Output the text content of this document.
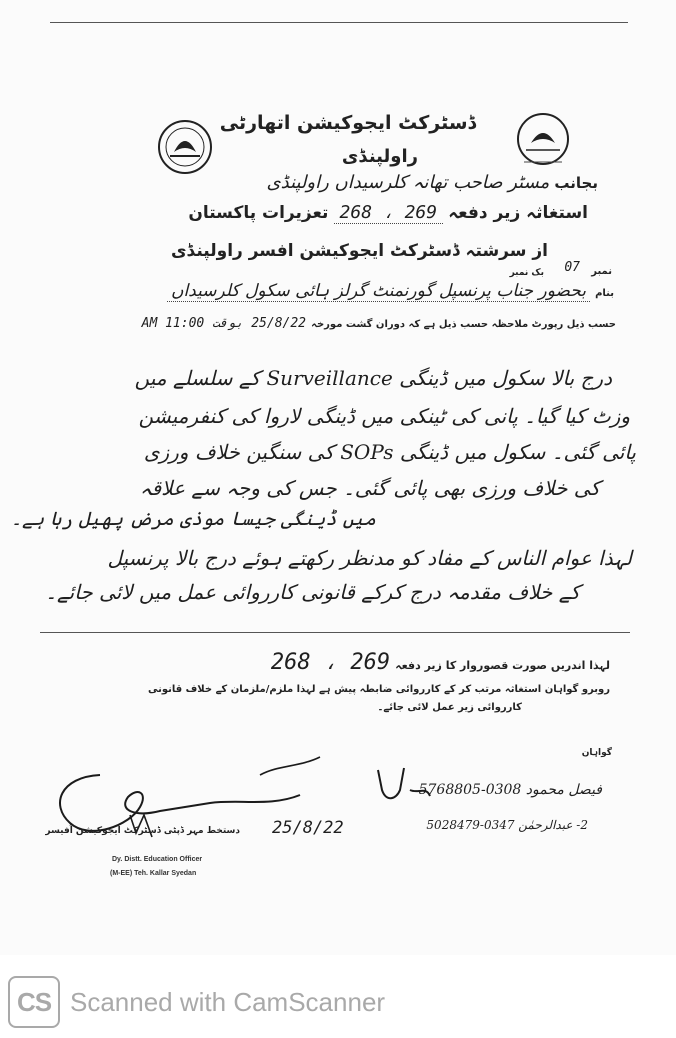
ڈسٹرکٹ ایجوکیشن اتھارٹی
راولپنڈی
بجانب مسٹر صاحب تھانہ کلرسیداں راولپنڈی
استغاثہ زیر دفعہ 269 ، 268 تعزیرات پاکستان
از سرشتہ ڈسٹرکٹ ایجوکیشن افسر راولپنڈی
نمبر
07
بک نمبر
بنام بحضور جناب پرنسپل گورنمنٹ گرلز ہائی سکول کلرسیداں
حسب ذیل رپورٹ ملاحظہ حسب ذیل ہے کہ دوران گشت مورخہ 25/8/22 بوقت 11:00 AM
درج بالا سکول میں ڈینگی Surveillance کے سلسلے میں
وزٹ کیا گیا۔ پانی کی ٹینکی میں ڈینگی لاروا کی کنفرمیشن
پائی گئی۔ سکول میں ڈینگی SOPs کی سنگین خلاف ورزی
کی خلاف ورزی بھی پائی گئی۔ جس کی وجہ سے علاقہ
میں ڈینگی جیسا موذی مرض پھیل رہا ہے۔
لہذا عوام الناس کے مفاد کو مدنظر رکھتے ہوئے درج بالا پرنسپل
کے خلاف مقدمہ درج کرکے قانونی کارروائی عمل میں لائی جائے۔
لہذا اندریں صورت قصوروار کا زیر دفعہ 269 ، 268
روبرو گواہان استغاثہ مرتب کر کے کارروائی ضابطہ پیش ہے لہذا ملزم/ملزمان کے خلاف قانونی
کارروائی زیر عمل لائی جائے۔
گواہان
فیصل محمود 0308-5768805
2- عبدالرحمٰن 0347-5028479
25/8/22
دستخط مہر ڈپٹی ڈسٹرکٹ ایجوکیشن آفیسر
Dy. Distt. Education Officer
(M-EE) Teh. Kallar Syedan
CS Scanned with CamScanner
